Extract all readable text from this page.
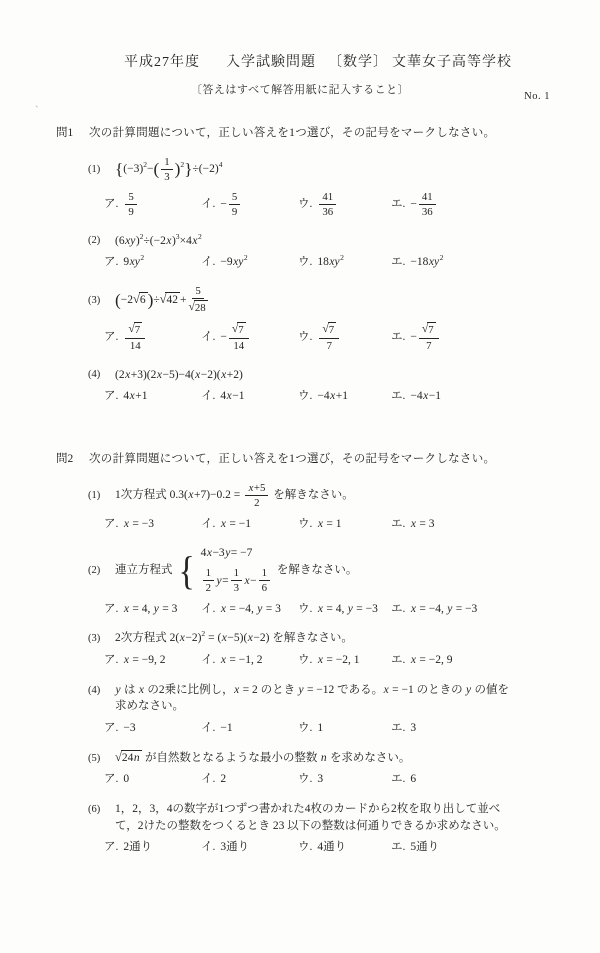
｀
No. 1
平成27年度 入学試験問題 〔数学〕 文華女子高等学校
〔答えはすべて解答用紙に記入すること〕
問1	次の計算問題について，正しい答えを1つ選び，その記号をマークしなさい。
(1) $\{(-3)^2-( \frac{1}{3} )^2\}\div(-2)^4$
ア. $\frac{5}{9}$	イ. − $\frac{5}{9}$	ウ. $\frac{41}{36}$	エ. − $\frac{41}{36}$
(2) $(6xy)^2\div(-2x)^3\times 4x^2$
ア. $9xy^2$	イ. $-9xy^2$	ウ. $18xy^2$	エ. $-18xy^2$
(3) (−2 √ 6 )÷ √ $42 + \frac{5}{√ 28}$
ア. $\frac{√ 7}{14}$	イ. − $\frac{√ 7}{14}$	ウ. $\frac{√ 7}{7}$	エ. − $\frac{√ 7}{7}$
(4) (2x+3)(2x−5)−4(x−2)(x+2)
ア. 4x+1	イ. 4x−1	ウ. −4x+1	エ. −4x−1
問2	次の計算問題について，正しい答えを1つ選び，その記号をマークしなさい。
(1) 1次方程式 $0.3(x+7)-0.2 = \frac{x+5}{2}$ を解きなさい。
ア. x = −3	イ. x = −1	ウ. x = 1	エ. x = 3
(2) 連立方程式 { 4 x −3 y = −7
$\frac{1}{2}$ $y = \frac{1}{3}$ $x - \frac{1}{6}$ を解きなさい。
ア. x = 4, y = 3 イ. x = −4, y = 3 ウ. x = 4, y = −3 エ. x = −4, y = −3
(3) 2次方程式 $2(x-2)^2 = (x-5)(x-2)$ を解きなさい。
ア. x = −9, 2	イ. x = −1, 2	ウ. x = −2, 1	エ. x = −2, 9
(4) y は x の2乗に比例し，x = 2 のとき y = −12 である。x = −1 のときの y の値を求めなさい。
ア. −3	イ. −1	ウ. 1	エ. 3
(5) √ 24n が自然数となるような最小の整数 n を求めなさい。
ア. 0	イ. 2	ウ. 3	エ. 6
(6) 1，2，3，4の数字が1つずつ書かれた4枚のカードから2枚を取り出して並べて，2けたの整数をつくるとき 23 以下の整数は何通りできるか求めなさい。
ア. 2通り	イ. 3通り	ウ. 4通り	エ. 5通り
